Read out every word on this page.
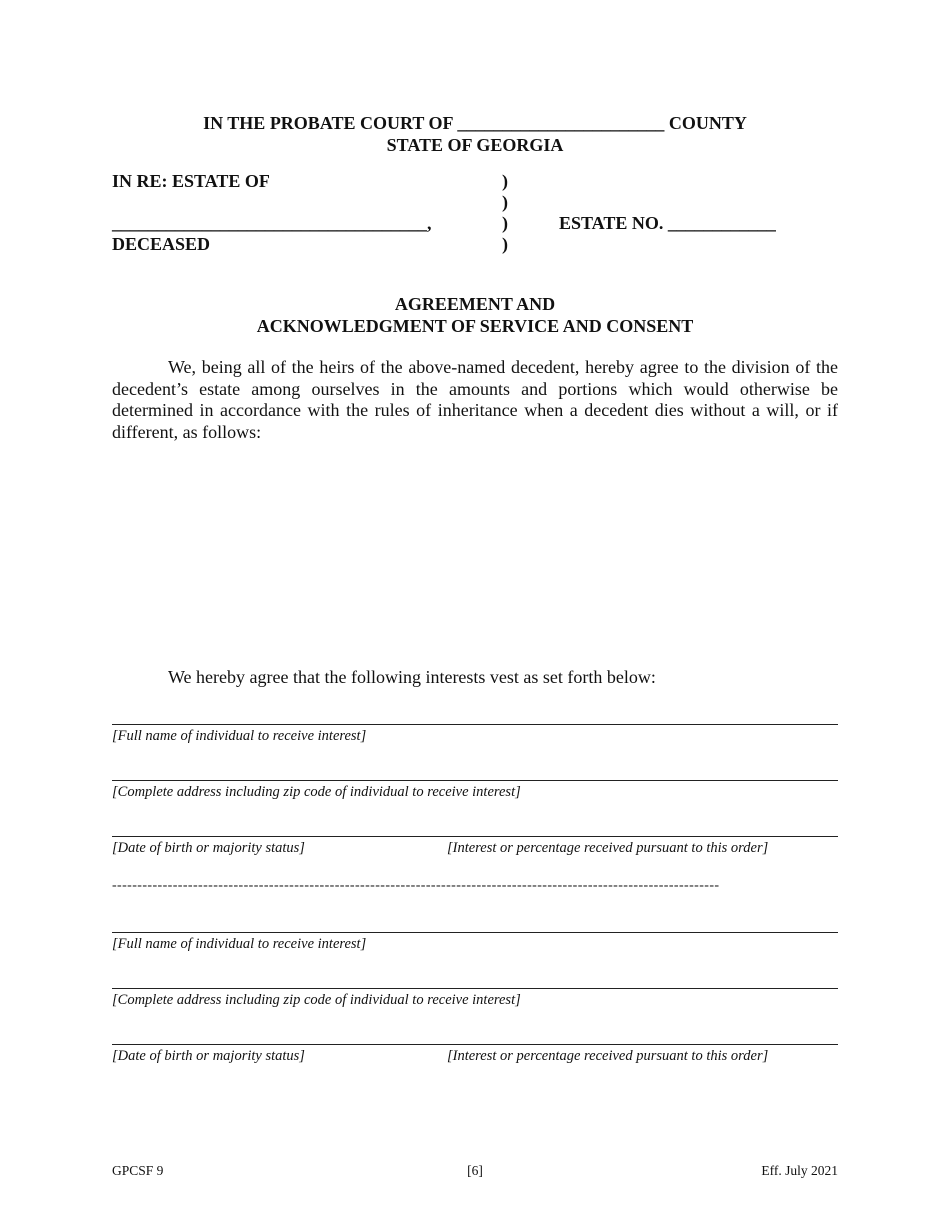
IN THE PROBATE COURT OF _______________________ COUNTY
STATE OF GEORGIA
IN RE: ESTATE OF
___________________________________,
DECEASED
)
)
)
)
ESTATE NO. ____________
AGREEMENT AND
ACKNOWLEDGMENT OF SERVICE AND CONSENT

We, being all of the heirs of the above-named decedent, hereby agree to the division of the decedent’s estate among ourselves in the amounts and portions which would otherwise be determined in accordance with the rules of inheritance when a decedent dies without a will, or if different, as follows:

We hereby agree that the following interests vest as set forth below:
[Full name of individual to receive interest]
[Complete address including zip code of individual to receive interest]
[Date of birth or majority status]	[Interest or percentage received pursuant to this order]
------------------------------------------------------------------------------------------------------------------------
[Full name of individual to receive interest]
[Complete address including zip code of individual to receive interest]
[Date of birth or majority status]	[Interest or percentage received pursuant to this order]
GPCSF 9	[6]	Eff. July 2021
